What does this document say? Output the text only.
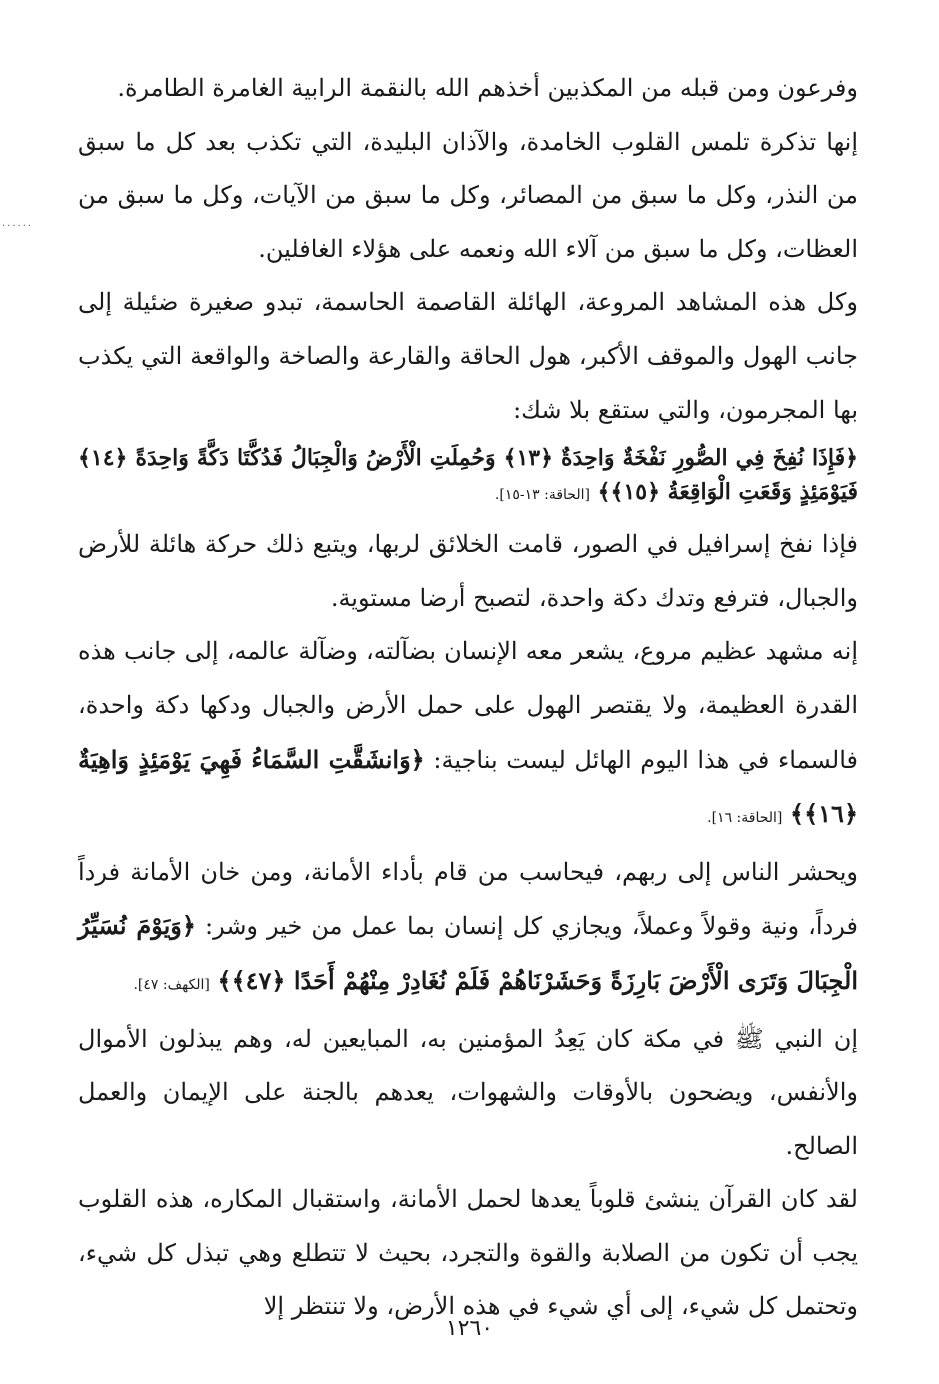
......

وفرعون ومن قبله من المكذبين أخذهم الله بالنقمة الرابية الغامرة الطامرة.

إنها تذكرة تلمس القلوب الخامدة، والآذان البليدة، التي تكذب بعد كل ما سبق من النذر، وكل ما سبق من المصائر، وكل ما سبق من الآيات، وكل ما سبق من العظات، وكل ما سبق من آلاء الله ونعمه على هؤلاء الغافلين.

وكل هذه المشاهد المروعة، الهائلة القاصمة الحاسمة، تبدو صغيرة ضئيلة إلى جانب الهول والموقف الأكبر، هول الحاقة والقارعة والصاخة والواقعة التي يكذب بها المجرمون، والتي ستقع بلا شك:

﴿فَإِذَا نُفِخَ فِي الصُّورِ نَفْخَةٌ وَاحِدَةٌ ﴿١٣﴾ وَحُمِلَتِ الْأَرْضُ وَالْجِبَالُ فَدُكَّتَا دَكَّةً وَاحِدَةً ﴿١٤﴾ فَيَوْمَئِذٍ وَقَعَتِ الْوَاقِعَةُ ﴿١٥﴾﴾ [الحاقة: ١٣-١٥].

فإذا نفخ إسرافيل في الصور، قامت الخلائق لربها، ويتبع ذلك حركة هائلة للأرض والجبال، فترفع وتدك دكة واحدة، لتصبح أرضا مستوية.

إنه مشهد عظيم مروع، يشعر معه الإنسان بضآلته، وضآلة عالمه، إلى جانب هذه القدرة العظيمة، ولا يقتصر الهول على حمل الأرض والجبال ودكها دكة واحدة، فالسماء في هذا اليوم الهائل ليست بناجية: ﴿وَانشَقَّتِ السَّمَاءُ فَهِيَ يَوْمَئِذٍ وَاهِيَةٌ ﴿١٦﴾﴾ [الحاقة: ١٦].

ويحشر الناس إلى ربهم، فيحاسب من قام بأداء الأمانة، ومن خان الأمانة فرداً فرداً، ونية وقولاً وعملاً، ويجازي كل إنسان بما عمل من خير وشر: ﴿وَيَوْمَ نُسَيِّرُ الْجِبَالَ وَتَرَى الْأَرْضَ بَارِزَةً وَحَشَرْنَاهُمْ فَلَمْ نُغَادِرْ مِنْهُمْ أَحَدًا ﴿٤٧﴾﴾ [الكهف: ٤٧].

إن النبي ﷺ في مكة كان يَعِدُ المؤمنين به، المبايعين له، وهم يبذلون الأموال والأنفس، ويضحون بالأوقات والشهوات، يعدهم بالجنة على الإيمان والعمل الصالح.

لقد كان القرآن ينشئ قلوباً يعدها لحمل الأمانة، واستقبال المكاره، هذه القلوب يجب أن تكون من الصلابة والقوة والتجرد، بحيث لا تتطلع وهي تبذل كل شيء، وتحتمل كل شيء، إلى أي شيء في هذه الأرض، ولا تنتظر إلا

١٢٦٠
